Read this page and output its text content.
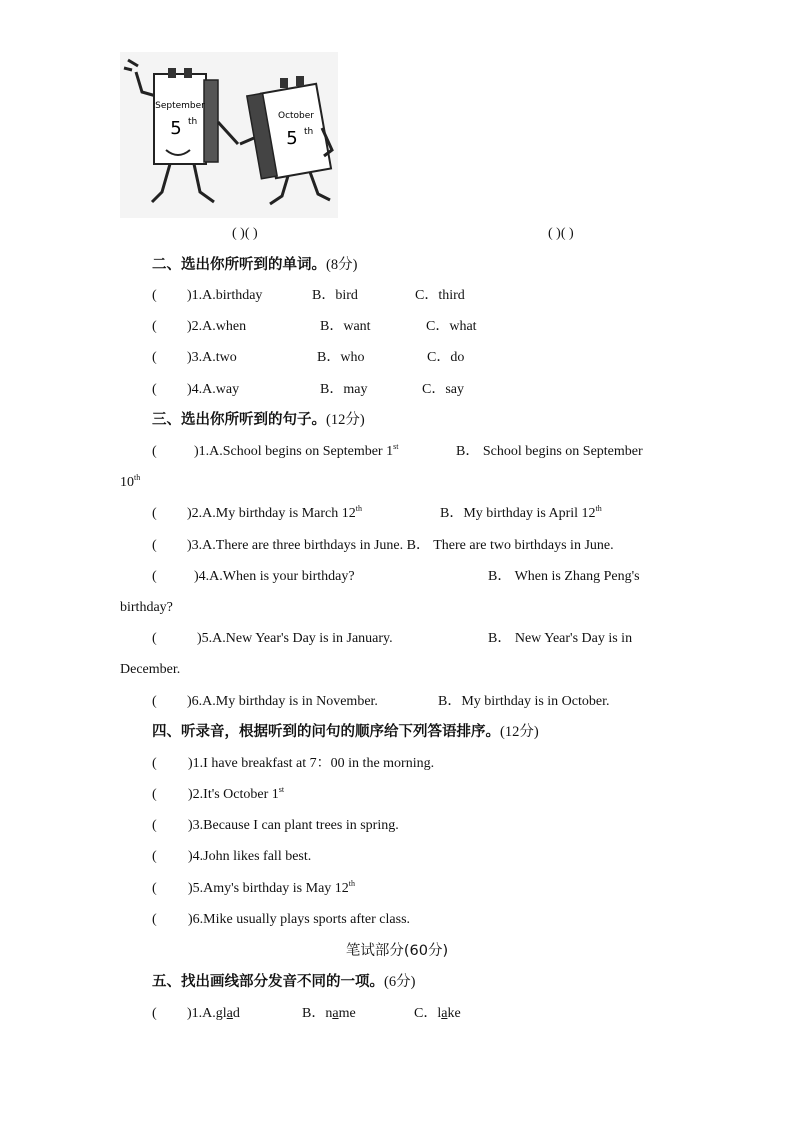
September
5 th
October
5 th
( )( )	( )( )
二、选出你所听到的单词。(8分)
( )1.A.birthday	B．bird	C．third
( )2.A.when	B．want	C．what
( )3.A.two	B．who	C．do
( )4.A.way	B．may	C．say
三、选出你所听到的句子。(12分)
(	)1.A.School begins on September 1st	B． School begins on September
10th
( )2.A.My birthday is March 12th	B．My birthday is April 12th
( )3.A.There are three birthdays in June. B． There are two birthdays in June.
(	)4.A.When is your birthday?	B． When is Zhang Peng's
birthday?
(	)5.A.New Year's Day is in January.	B． New Year's Day is in
December.
( )6.A.My birthday is in November.	B．My birthday is in October.
四、听录音，根据听到的问句的顺序给下列答语排序。(12分)
( )1.I have breakfast at 7：00 in the morning.
( )2.It's October 1st
( )3.Because I can plant trees in spring.
( )4.John likes fall best.
( )5.Amy's birthday is May 12th
( )6.Mike usually plays sports after class.
笔试部分(60分)
五、找出画线部分发音不同的一项。(6分)
( )1.A.glad	B．name	C．lake
